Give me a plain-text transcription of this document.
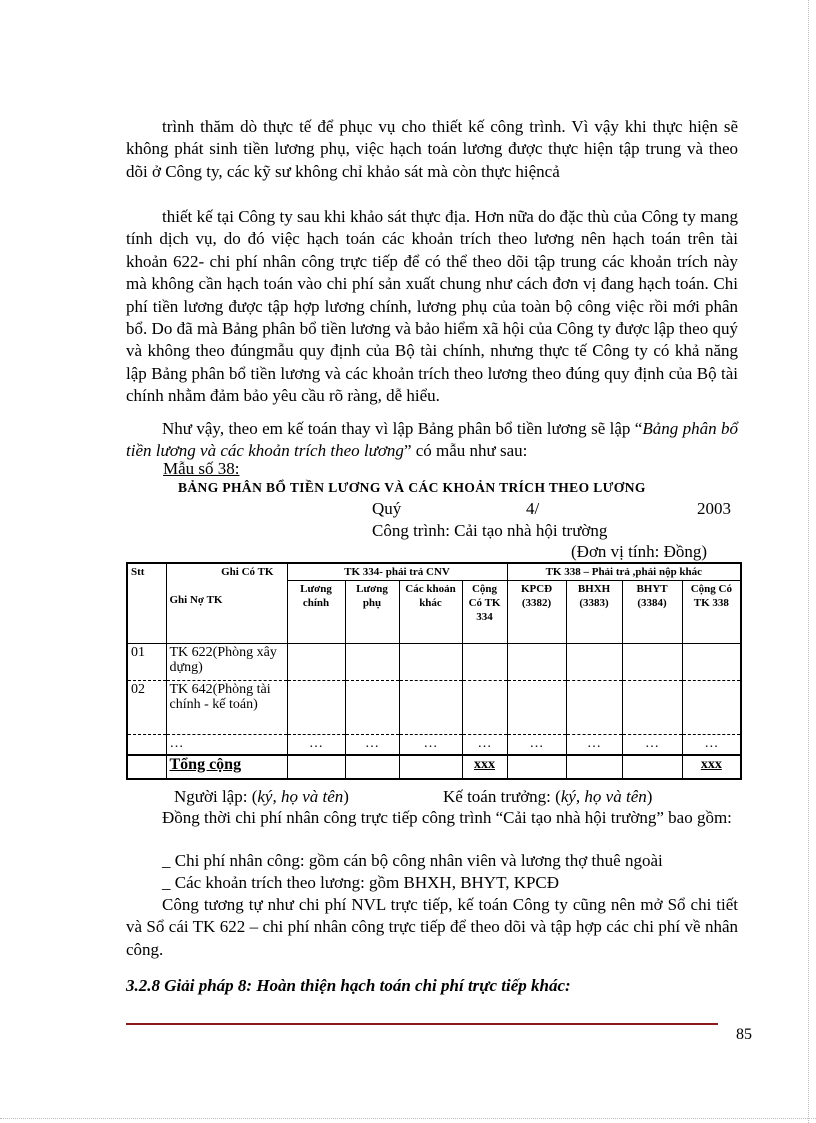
trình thăm dò thực tế để phục vụ cho thiết kế công trình. Vì vậy khi thực hiện sẽ không phát sinh tiền lương phụ, việc hạch toán lương được thực hiện tập trung và theo dõi ở Công ty, các kỹ sư không chỉ khảo sát mà còn thực hiệncả

thiết kế tại Công ty sau khi khảo sát thực địa. Hơn nữa do đặc thù của Công ty mang tính dịch vụ, do đó việc hạch toán các khoản trích theo lương nên hạch toán trên tài khoản 622- chi phí nhân công trực tiếp để có thể theo dõi tập trung các khoản trích này mà không cần hạch toán vào chi phí sản xuất chung như cách đơn vị đang hạch toán. Chi phí tiền lương được tập hợp lương chính, lương phụ của toàn bộ công việc rồi mới phân bổ. Do đã mà Bảng phân bổ tiền lương và bảo hiểm xã hội của Công ty được lập theo quý và không theo đúngmẫu quy định của Bộ tài chính, nhưng thực tế Công ty có khả năng lập Bảng phân bổ tiền lương và các khoản trích theo lương theo đúng quy định của Bộ tài chính nhằm đảm bảo yêu cầu rõ ràng, dễ hiểu.

Như vậy, theo em kế toán thay vì lập Bảng phân bổ tiền lương sẽ lập “Bảng phân bổ tiền lương và các khoản trích theo lương” có mẫu như sau:

Mẫu số 38:
BẢNG PHÂN BỔ TIỀN LƯƠNG VÀ CÁC KHOẢN TRÍCH THEO LƯƠNG
Quý	4/	2003
Công trình: Cải tạo nhà hội trường
(Đơn vị tính: Đồng)
Stt	Ghi Có TK
Ghi Nợ TK	TK 334- phải trả CNV				TK 338 – Phải trả ,phải nộp khác			
		Lương chính	Lương phụ	Các khoản khác	Cộng Có TK 334	KPCĐ (3382)	BHXH (3383)	BHYT (3384)	Cộng Có TK 338
01	TK 622(Phòng xây dựng)								
02	TK 642(Phòng tài chính - kế toán)								
	…	…	…	…	…	…	…	…	…
	Tổng cộng				xxx				xxx
Người lập: (ký, họ và tên)	Kế toán trưởng: (ký, họ và tên)

Đồng thời chi phí nhân công trực tiếp công trình “Cải tạo nhà hội trường” bao gồm:

_ Chi phí nhân công: gồm cán bộ công nhân viên và lương thợ thuê ngoài
_ Các khoản trích theo lương: gồm BHXH, BHYT, KPCĐ

Công tương tự như chi phí NVL trực tiếp, kế toán Công ty cũng nên mở Sổ chi tiết và Sổ cái TK 622 – chi phí nhân công trực tiếp để theo dõi và tập hợp các chi phí về nhân công.

3.2.8 Giải pháp 8: Hoàn thiện hạch toán chi phí trực tiếp khác:
85
